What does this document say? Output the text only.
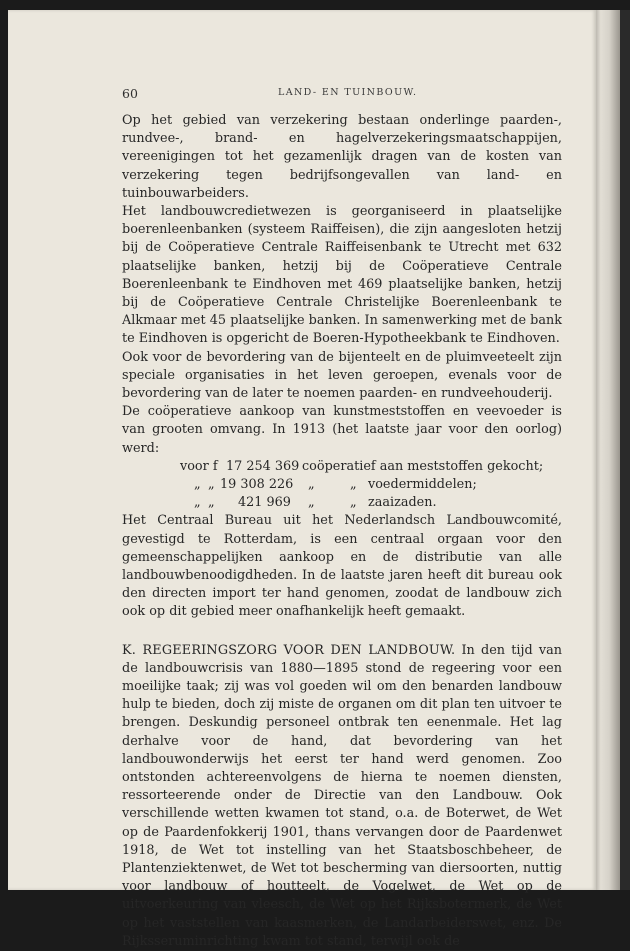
60	LAND- EN TUINBOUW.

Op het gebied van verzekering bestaan onderlinge paarden-, rundvee-, brand- en hagelverzekeringsmaatschappijen, vereenigingen tot het gezamenlijk dragen van de kosten van verzekering tegen bedrijfsongevallen van land- en tuinbouwarbeiders.

Het landbouwcredietwezen is georganiseerd in plaatselijke boerenleenbanken (systeem Raiffeisen), die zijn aangesloten hetzij bij de Coöperatieve Centrale Raiffeisenbank te Utrecht met 632 plaatselijke banken, hetzij bij de Coöperatieve Centrale Boerenleenbank te Eindhoven met 469 plaatselijke banken, hetzij bij de Coöperatieve Centrale Christelijke Boerenleenbank te Alkmaar met 45 plaatselijke banken. In samenwerking met de bank te Eindhoven is opgericht de Boeren-Hypotheekbank te Eindhoven.

Ook voor de bevordering van de bijenteelt en de pluimveeteelt zijn speciale organisaties in het leven geroepen, evenals voor de bevordering van de later te noemen paarden- en rundveehouderij.

De coöperatieve aankoop van kunstmeststoffen en veevoeder is van grooten omvang. In 1913 (het laatste jaar voor den oorlog) werd:

voor f 17 254 369 coöperatief aan meststoffen gekocht;
„ „ 19 308 226 „	„ voedermiddelen;
„ „ 421 969 „	„ zaaizaden.

Het Centraal Bureau uit het Nederlandsch Landbouwcomité, gevestigd te Rotterdam, is een centraal orgaan voor den gemeenschappelijken aankoop en de distributie van alle landbouwbenoodigdheden. In de laatste jaren heeft dit bureau ook den directen import ter hand genomen, zoodat de landbouw zich ook op dit gebied meer onafhankelijk heeft gemaakt.

K. REGEERINGSZORG VOOR DEN LANDBOUW. In den tijd van de landbouwcrisis van 1880—1895 stond de regeering voor een moeilijke taak; zij was vol goeden wil om den benarden landbouw hulp te bieden, doch zij miste de organen om dit plan ten uitvoer te brengen. Deskundig personeel ontbrak ten eenenmale. Het lag derhalve voor de hand, dat bevordering van het landbouwonderwijs het eerst ter hand werd genomen. Zoo ontstonden achtereenvolgens de hierna te noemen diensten, ressorteerende onder de Directie van den Landbouw. Ook verschillende wetten kwamen tot stand, o.a. de Boterwet, de Wet op de Paardenfokkerij 1901, thans vervangen door de Paardenwet 1918, de Wet tot instelling van het Staatsboschbeheer, de Plantenziektenwet, de Wet tot bescherming van diersoorten, nuttig voor landbouw of houtteelt, de Vogelwet, de Wet op de uitvoerkeuring van vleesch, de Wet op het Rijksbotermerk, de Wet op het vaststellen van kaasmerken, de Landarbeiderswet, enz. De Rijksseruminrichting kwam tot stand, terwijl ook de
